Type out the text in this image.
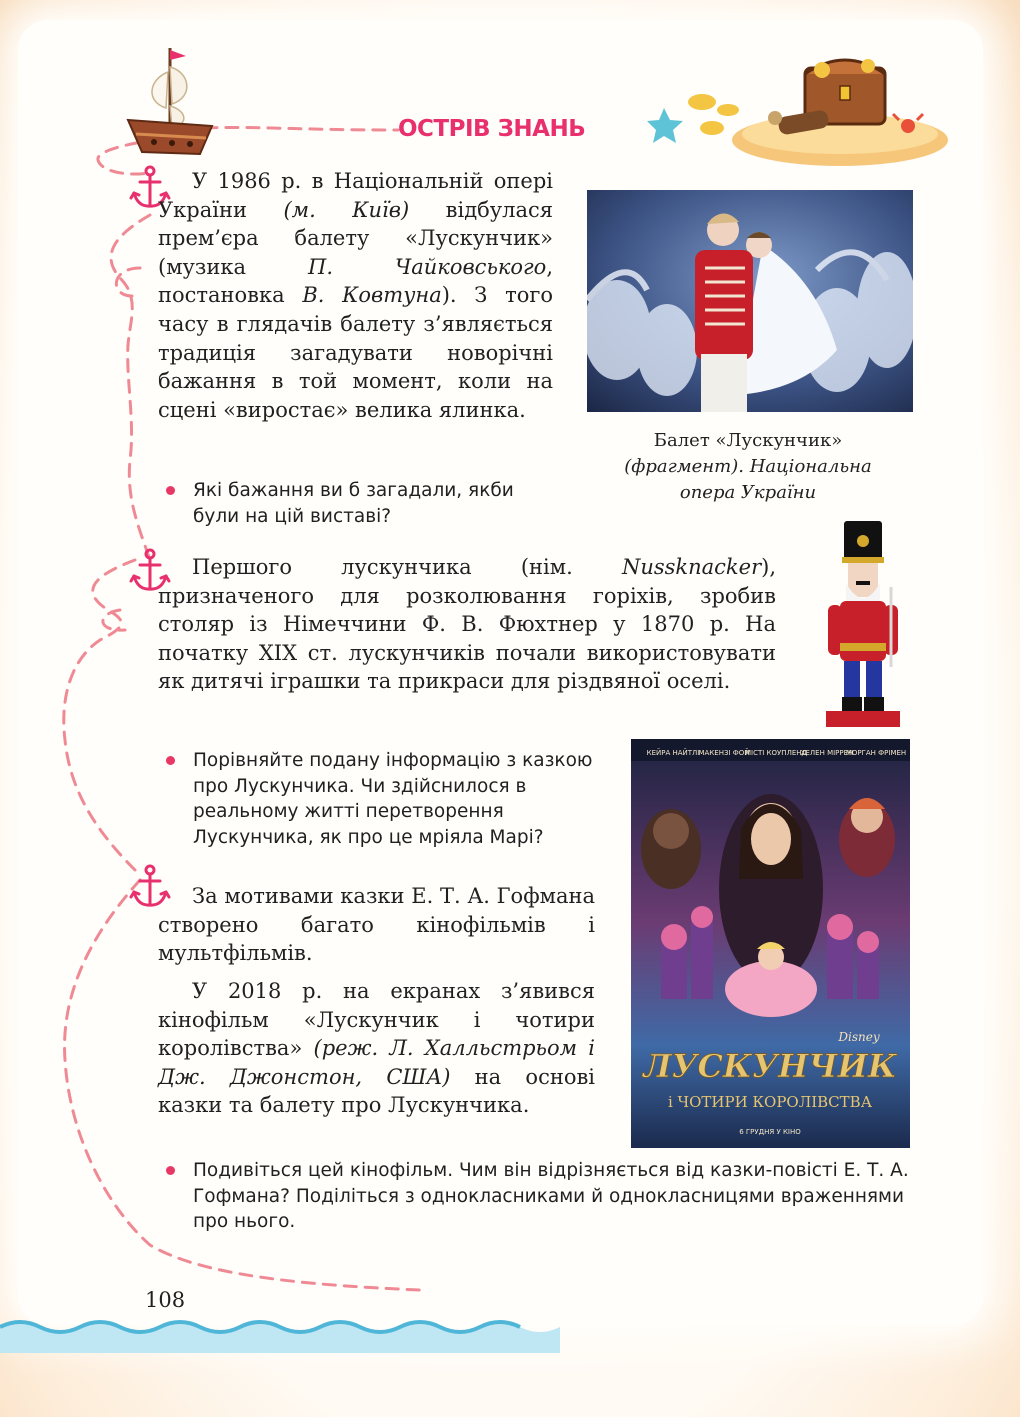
ОСТРІВ ЗНАНЬ

У 1986 р. в Національній опері України (м. Київ) відбулася прем’єра балету «Лускунчик» (музика П. Чайковського, постановка В. Ковтуна). З того часу в глядачів балету з’являється традиція загадувати новорічні бажання в той момент, коли на сцені «виростає» велика ялинка.

Балет «Лускунчик»
(фрагмент). Національна опера України
Які бажання ви б загадали, якби були на цій виставі?

Першого лускунчика (нім. Nussknacker), призначеного для розколювання горіхів, зробив столяр із Німеччини Ф. В. Фюхтнер у 1870 р. На початку XIX ст. лускунчиків почали використовувати як дитячі іграшки та прикраси для різдвяної оселі.

Порівняйте подану інформацію з казкою про Лускунчика. Чи здійснилося в реальному житті перетворення Лускунчика, як про це мріяла Марі?
КЕЙРА НАЙТЛІ МАКЕНЗІ ФОЙ
МІСТІ КОУПЛЕНД
ХЕЛЕН МІРРЕН
МОРГАН ФРІМЕН
Disney
ЛУСКУНЧИК
і ЧОТИРИ КОРОЛІВСТВА
6 ГРУДНЯ У КІНО

За мотивами казки Е. Т. А. Гофмана створено багато кінофільмів і мультфільмів.

У 2018 р. на екранах з’явився кінофільм «Лускунчик і чотири королівства» (реж. Л. Халльстрьом і Дж. Джонстон, США) на основі казки та балету про Лускунчика.

Подивіться цей кінофільм. Чим він відрізняється від казки-повісті Е. Т. А. Гофмана? Поділіться з однокласниками й однокласницями враженнями про нього.
108
